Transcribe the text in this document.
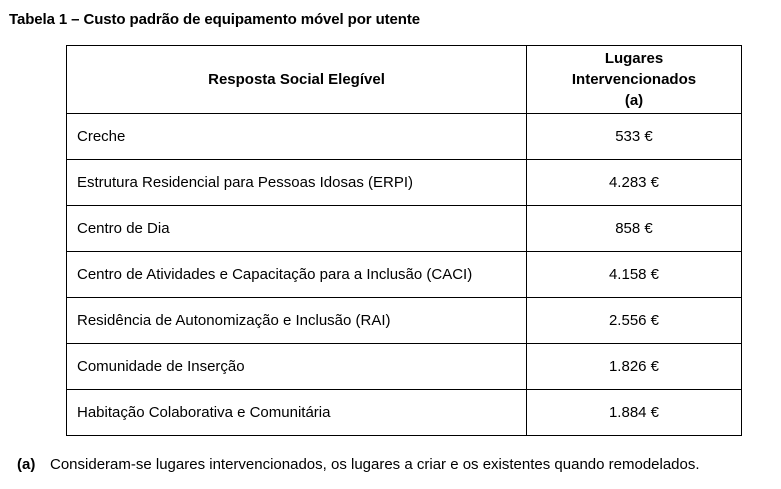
Tabela 1 – Custo padrão de equipamento móvel por utente
Resposta Social Elegível	Lugares
Intervencionados
(a)
Creche	533 €
Estrutura Residencial para Pessoas Idosas (ERPI)	4.283 €
Centro de Dia	858 €
Centro de Atividades e Capacitação para a Inclusão (CACI)	4.158 €
Residência de Autonomização e Inclusão (RAI)	2.556 €
Comunidade de Inserção	1.826 €
Habitação Colaborativa e Comunitária	1.884 €
(a) Consideram-se lugares intervencionados, os lugares a criar e os existentes quando remodelados.
